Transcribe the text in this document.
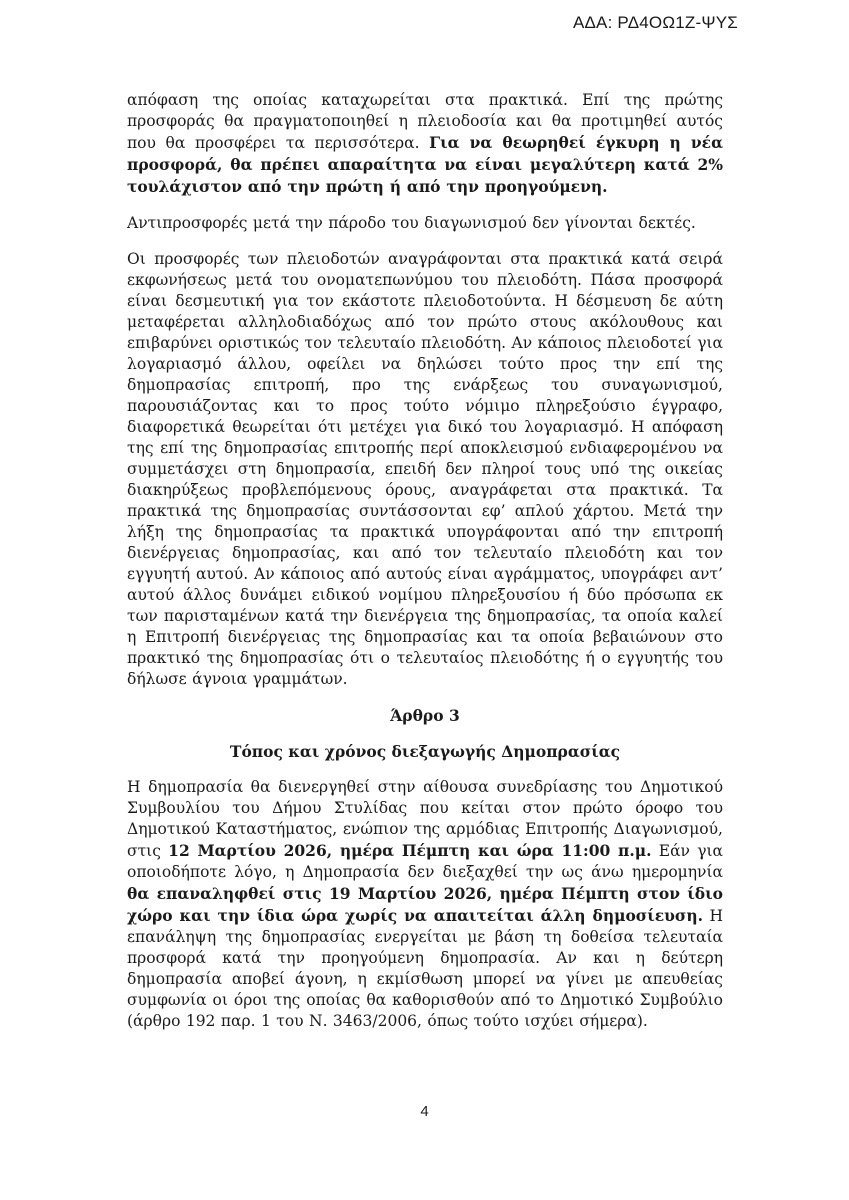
ΑΔΑ: ΡΔ4ΟΩ1Ζ-ΨΥΣ

απόφαση της οποίας καταχωρείται στα πρακτικά. Επί της πρώτης προσφοράς θα πραγματοποιηθεί η πλειοδοσία και θα προτιμηθεί αυτός που θα προσφέρει τα περισσότερα. Για να θεωρηθεί έγκυρη η νέα προσφορά, θα πρέπει απαραίτητα να είναι μεγαλύτερη κατά 2% τουλάχιστον από την πρώτη ή από την προηγούμενη.

Αντιπροσφορές μετά την πάροδο του διαγωνισμού δεν γίνονται δεκτές.

Οι προσφορές των πλειοδοτών αναγράφονται στα πρακτικά κατά σειρά εκφωνήσεως μετά του ονοματεπωνύμου του πλειοδότη. Πάσα προσφορά είναι δεσμευτική για τον εκάστοτε πλειοδοτούντα. Η δέσμευση δε αύτη μεταφέρεται αλληλοδιαδόχως από τον πρώτο στους ακόλουθους και επιβαρύνει οριστικώς τον τελευταίο πλειοδότη. Αν κάποιος πλειοδοτεί για λογαριασμό άλλου, οφείλει να δηλώσει τούτο προς την επί της δημοπρασίας επιτροπή, προ της ενάρξεως του συναγωνισμού, παρουσιάζοντας και το προς τούτο νόμιμο πληρεξούσιο έγγραφο, διαφορετικά θεωρείται ότι μετέχει για δικό του λογαριασμό. Η απόφαση της επί της δημοπρασίας επιτροπής περί αποκλεισμού ενδιαφερομένου να συμμετάσχει στη δημοπρασία, επειδή δεν πληροί τους υπό της οικείας διακηρύξεως προβλεπόμενους όρους, αναγράφεται στα πρακτικά. Τα πρακτικά της δημοπρασίας συντάσσονται εφ’ απλού χάρτου. Μετά την λήξη της δημοπρασίας τα πρακτικά υπογράφονται από την επιτροπή διενέργειας δημοπρασίας, και από τον τελευταίο πλειοδότη και τον εγγυητή αυτού. Αν κάποιος από αυτούς είναι αγράμματος, υπογράφει αντ’ αυτού άλλος δυνάμει ειδικού νομίμου πληρεξουσίου ή δύο πρόσωπα εκ των παρισταμένων κατά την διενέργεια της δημοπρασίας, τα οποία καλεί η Επιτροπή διενέργειας της δημοπρασίας και τα οποία βεβαιώνουν στο πρακτικό της δημοπρασίας ότι ο τελευταίος πλειοδότης ή ο εγγυητής του δήλωσε άγνοια γραμμάτων.

Άρθρο 3
Τόπος και χρόνος διεξαγωγής Δημοπρασίας

Η δημοπρασία θα διενεργηθεί στην αίθουσα συνεδρίασης του Δημοτικού Συμβουλίου του Δήμου Στυλίδας που κείται στον πρώτο όροφο του Δημοτικού Καταστήματος, ενώπιον της αρμόδιας Επιτροπής Διαγωνισμού, στις 12 Μαρτίου 2026, ημέρα Πέμπτη και ώρα 11:00 π.μ. Εάν για οποιοδήποτε λόγο, η Δημοπρασία δεν διεξαχθεί την ως άνω ημερομηνία θα επαναληφθεί στις 19 Μαρτίου 2026, ημέρα Πέμπτη στον ίδιο χώρο και την ίδια ώρα χωρίς να απαιτείται άλλη δημοσίευση. Η επανάληψη της δημοπρασίας ενεργείται με βάση τη δοθείσα τελευταία προσφορά κατά την προηγούμενη δημοπρασία. Αν και η δεύτερη δημοπρασία αποβεί άγονη, η εκμίσθωση μπορεί να γίνει με απευθείας συμφωνία οι όροι της οποίας θα καθορισθούν από το Δημοτικό Συμβούλιο (άρθρο 192 παρ. 1 του Ν. 3463/2006, όπως τούτο ισχύει σήμερα).

4
